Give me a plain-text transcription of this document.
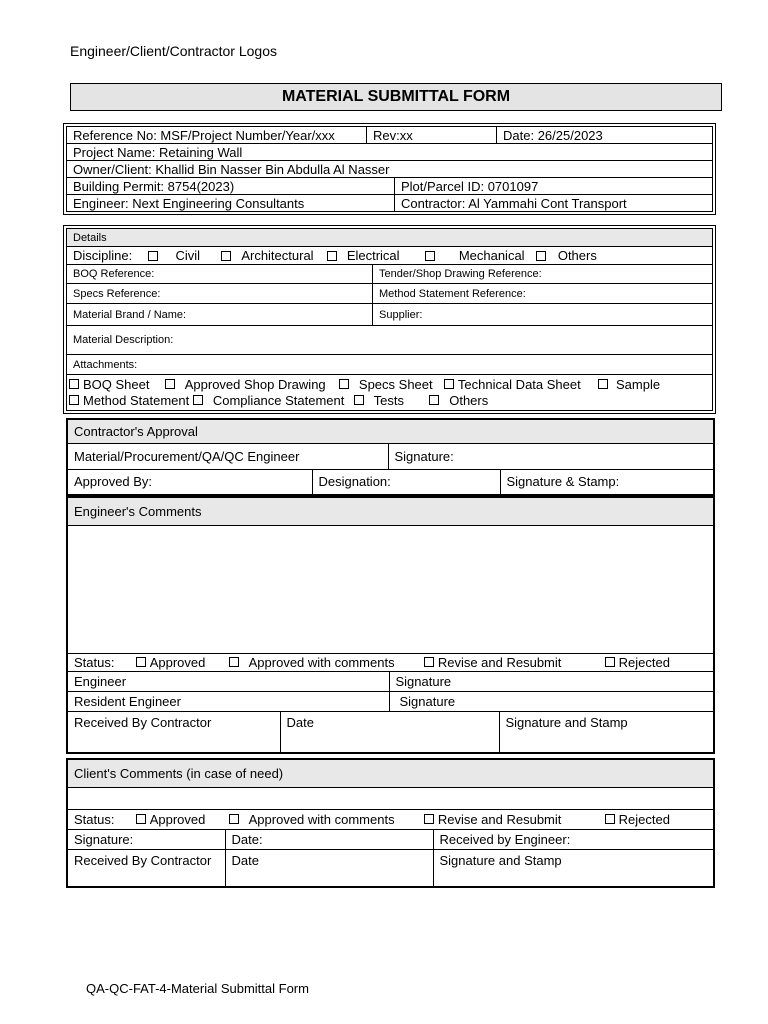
Engineer/Client/Contractor Logos
MATERIAL SUBMITTAL FORM
Reference No: MSF/Project Number/Year/xxx	Rev:xx		Date: 26/25/2023
Project Name: Retaining Wall			
Owner/Client: Khallid Bin Nasser Bin Abdulla Al Nasser			
Building Permit: 8754(2023)		Plot/Parcel ID: 0701097	
Engineer: Next Engineering Consultants		Contractor: Al Yammahi Cont Transport	
Details	
Discipline: Civil Architectural Electrical Mechanical Others	
BOQ Reference:	Tender/Shop Drawing Reference:
Specs Reference:	Method Statement Reference:
Material Brand / Name:	Supplier:
Material Description:	
Attachments:	

BOQ Sheet Approved Shop Drawing Specs Sheet Technical Data Sheet Sample
Method Statement Compliance Statement Tests Others	
Contractor's Approval			
Material/Procurement/QA/QC Engineer		Signature:	
Approved By:	Designation:		Signature & Stamp:
Engineer's Comments			

Status: Approved Approved with comments Revise and Resubmit Rejected			
Engineer		Signature	
Resident Engineer		Signature	
Received By Contractor	Date		Signature and Stamp
Client's Comments (in case of need)		

Status: Approved Approved with comments Revise and Resubmit Rejected		
Signature:	Date:	Received by Engineer:
Received By Contractor	Date	Signature and Stamp
QA-QC-FAT-4-Material Submittal Form
